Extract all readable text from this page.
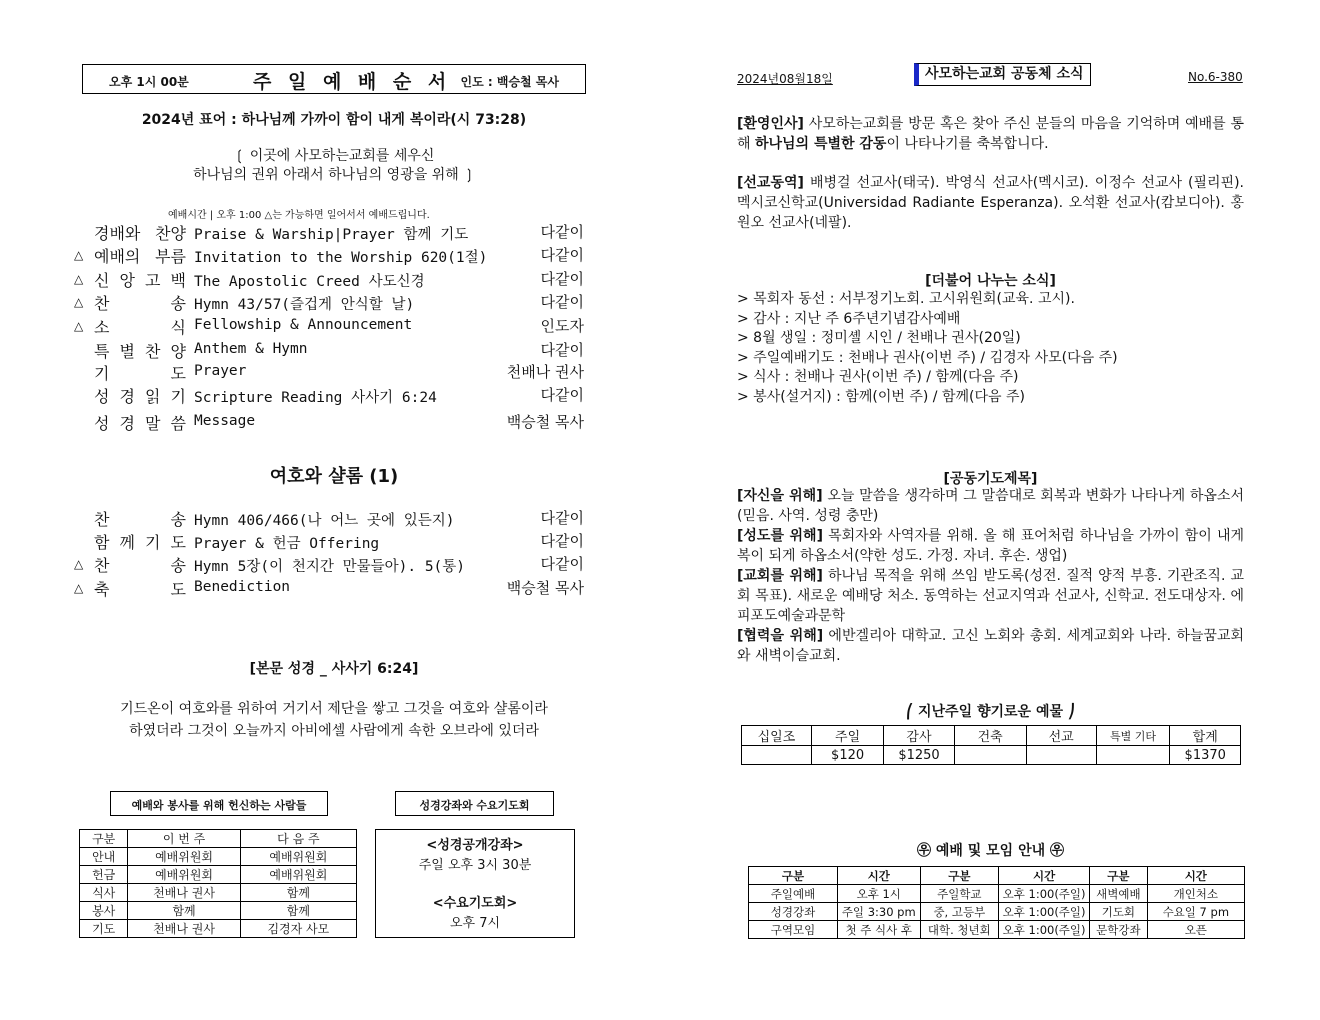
오후 1시 00분	주 일 예 배 순 서 인도 : 백승철 목사
2024년 표어 : 하나님께 가까이 함이 내게 복이라(시 73:28)
❲ 이곳에 사모하는교회를 세우신
하나님의 권위 아래서 하나님의 영광을 위해 ❳
예배시간 | 오후 1:00 △는 가능하면 일어서서 예배드립니다.
경배와 찬양 Praise & Warship|Prayer 함께 기도	다같이
△ 예배의 부름 Invitation to the Worship 620(1절)	다같이
△ 신 앙 고 백 The Apostolic Creed 사도신경	다같이
△ 찬 송 Hymn 43/57(즐겁게 안식할 날)	다같이
△ 소 식 Fellowship & Announcement	인도자
특 별 찬 양 Anthem & Hymn	다같이
기 도 Prayer	천배나 권사
성 경 읽 기 Scripture Reading 사사기 6:24	다같이
성 경 말 씀 Message	백승철 목사
여호와 샬롬 (1)
찬 송 Hymn 406/466(나 어느 곳에 있든지)	다같이
함 께 기 도 Prayer & 헌금 Offering	다같이
△ 찬 송 Hymn 5장(이 천지간 만물들아). 5(통)	다같이
△ 축 도 Benediction	백승철 목사
[본문 성경 _ 사사기 6:24]
기드온이 여호와를 위하여 거기서 제단을 쌓고 그것을 여호와 샬롬이라
하였더라 그것이 오늘까지 아비에셀 사람에게 속한 오브라에 있더라
예배와 봉사를 위해 헌신하는 사람들
구분	이 번 주	다 음 주
안내	예배위원회	예배위원회
헌금	예배위원회	예배위원회
식사	천배나 권사	함께
봉사	함께	함께
기도	천배나 권사	김경자 사모
성경강좌와 수요기도회
<성경공개강좌>
주일 오후 3시 30분
<수요기도회>
오후 7시
2024년08월18일	사모하는교회 공동체 소식	No.6-380
[환영인사] 사모하는교회를 방문 혹은 찾아 주신 분들의 마음을 기억하며 예배를 통해 하나님의 특별한 감동이 나타나기를 축복합니다.
[선교동역] 배병걸 선교사(태국). 박영식 선교사(멕시코). 이정수 선교사 (필리핀). 멕시코신학교(Universidad Radiante Esperanza). 오석환 선교사(캄보디아). 홍원오 선교사(네팔).
[더불어 나누는 소식]
> 목회자 동선 : 서부정기노회. 고시위원회(교육. 고시).
> 감사 : 지난 주 6주년기념감사예배
> 8월 생일 : 정미셸 시인 / 천배나 권사(20일)
> 주일예배기도 : 천배나 권사(이번 주) / 김경자 사모(다음 주)
> 식사 : 천배나 권사(이번 주) / 함께(다음 주)
> 봉사(설거지) : 함께(이번 주) / 함께(다음 주)
[공동기도제목]
[자신을 위해] 오늘 말씀을 생각하며 그 말씀대로 회복과 변화가 나타나게 하옵소서(믿음. 사역. 성령 충만)
[성도를 위해] 목회자와 사역자를 위해. 올 해 표어처럼 하나님을 가까이 함이 내게 복이 되게 하옵소서(약한 성도. 가정. 자녀. 후손. 생업)
[교회를 위해] 하나님 목적을 위해 쓰임 받도록(성전. 질적 양적 부흥. 기관조직. 교회 목표). 새로운 예배당 처소. 동역하는 선교지역과 선교사, 신학교. 전도대상자. 에피포도예술과문학
[협력을 위해] 에반겔리아 대학교. 고신 노회와 총회. 세계교회와 나라. 하늘꿈교회와 새벽이슬교회.
⎛ 지난주일 향기로운 예물 ⎠
십일조	주일	감사	건축	선교	특별 기타	합계
	$120	$1250				$1370
㉾ 예배 및 모임 안내 ㉾
구분	시간	구분	시간	구분	시간
주일예배	오후 1시	주일학교	오후 1:00(주일)	새벽예배	개인처소
성경강좌	주일 3:30 pm	중, 고등부	오후 1:00(주일)	기도회	수요일 7 pm
구역모임	첫 주 식사 후	대학. 청년회	오후 1:00(주일)	문학강좌	오픈
